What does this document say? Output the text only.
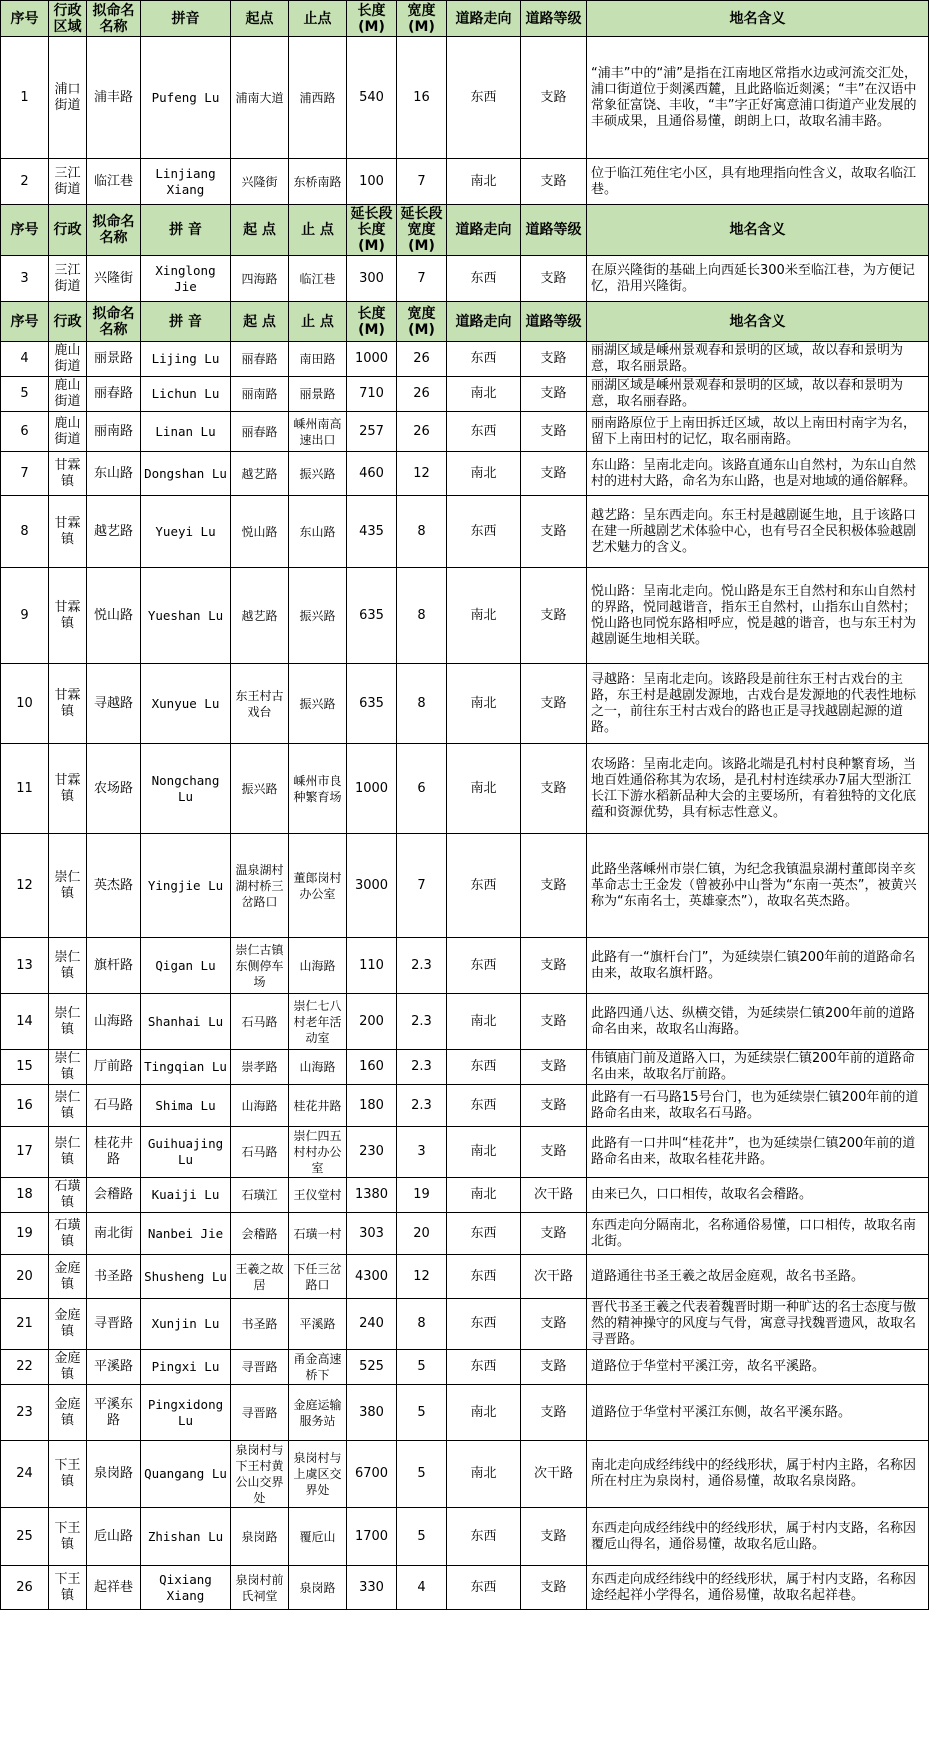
序号	行政区域	拟命名名称	拼音	起点	止点	长度(M)	宽度(M)	道路走向	道路等级	地名含义
1	浦口街道	浦丰路	Pufeng Lu	浦南大道	浦西路	540	16	东西	支路	“浦丰”中的“浦”是指在江南地区常指水边或河流交汇处，浦口街道位于剡溪西麓，且此路临近剡溪；“丰”在汉语中常象征富饶、丰收，“丰”字正好寓意浦口街道产业发展的丰硕成果，且通俗易懂，朗朗上口，故取名浦丰路。
2	三江街道	临江巷	Linjiang Xiang	兴隆街	东桥南路	100	7	南北	支路	位于临江苑住宅小区，具有地理指向性含义，故取名临江巷。
序号	行政	拟命名名称	拼 音	起 点	止 点	延长段长度(M)	延长段宽度(M)	道路走向	道路等级	地名含义
3	三江街道	兴隆街	Xinglong Jie	四海路	临江巷	300	7	东西	支路	在原兴隆街的基础上向西延长300米至临江巷，为方便记忆，沿用兴隆街。
序号	行政	拟命名名称	拼 音	起 点	止 点	长度(M)	宽度(M)	道路走向	道路等级	地名含义
4	鹿山街道	丽景路	Lijing Lu	丽春路	南田路	1000	26	东西	支路	丽湖区域是嵊州景观春和景明的区域，故以春和景明为意，取名丽景路。
5	鹿山街道	丽春路	Lichun Lu	丽南路	丽景路	710	26	南北	支路	丽湖区域是嵊州景观春和景明的区域，故以春和景明为意，取名丽春路。
6	鹿山街道	丽南路	Linan Lu	丽春路	嵊州南高速出口	257	26	东西	支路	丽南路原位于上南田拆迁区域，故以上南田村南字为名，留下上南田村的记忆，取名丽南路。
7	甘霖镇	东山路	Dongshan Lu	越艺路	振兴路	460	12	南北	支路	东山路：呈南北走向。该路直通东山自然村，为东山自然村的进村大路，命名为东山路，也是对地域的通俗解释。
8	甘霖镇	越艺路	Yueyi Lu	悦山路	东山路	435	8	东西	支路	越艺路：呈东西走向。东王村是越剧诞生地，且于该路口在建一所越剧艺术体验中心，也有号召全民积极体验越剧艺术魅力的含义。
9	甘霖镇	悦山路	Yueshan Lu	越艺路	振兴路	635	8	南北	支路	悦山路：呈南北走向。悦山路是东王自然村和东山自然村的界路，悦同越谐音，指东王自然村，山指东山自然村；悦山路也同悦东路相呼应，悦是越的谐音，也与东王村为越剧诞生地相关联。
10	甘霖镇	寻越路	Xunyue Lu	东王村古戏台	振兴路	635	8	南北	支路	寻越路：呈南北走向。该路段是前往东王村古戏台的主路，东王村是越剧发源地，古戏台是发源地的代表性地标之一，前往东王村古戏台的路也正是寻找越剧起源的道路。
11	甘霖镇	农场路	Nongchang Lu	振兴路	嵊州市良种繁育场	1000	6	南北	支路	农场路：呈南北走向。该路北端是孔村村良种繁育场，当地百姓通俗称其为农场，是孔村村连续承办7届大型浙江长江下游水稻新品种大会的主要场所，有着独特的文化底蕴和资源优势，具有标志性意义。
12	崇仁镇	英杰路	Yingjie Lu	温泉湖村湖村桥三岔路口	董郎岗村办公室	3000	7	东西	支路	此路坐落嵊州市崇仁镇，为纪念我镇温泉湖村董郎岗辛亥革命志士王金发（曾被孙中山誉为“东南一英杰”，被黄兴称为“东南名士，英雄豪杰”），故取名英杰路。
13	崇仁镇	旗杆路	Qigan Lu	崇仁古镇东侧停车场	山海路	110	2.3	东西	支路	此路有一“旗杆台门”，为延续崇仁镇200年前的道路命名由来，故取名旗杆路。
14	崇仁镇	山海路	Shanhai Lu	石马路	崇仁七八村老年活动室	200	2.3	南北	支路	此路四通八达、纵横交错，为延续崇仁镇200年前的道路命名由来，故取名山海路。
15	崇仁镇	厅前路	Tingqian Lu	崇孝路	山海路	160	2.3	东西	支路	伟镇庙门前及道路入口，为延续崇仁镇200年前的道路命名由来，故取名厅前路。
16	崇仁镇	石马路	Shima Lu	山海路	桂花井路	180	2.3	东西	支路	此路有一石马路15号台门，也为延续崇仁镇200年前的道路命名由来，故取名石马路。
17	崇仁镇	桂花井路	Guihuajing Lu	石马路	崇仁四五村村办公室	230	3	南北	支路	此路有一口井叫“桂花井”，也为延续崇仁镇200年前的道路命名由来，故取名桂花井路。
18	石璜镇	会稽路	Kuaiji Lu	石璜江	王仪堂村	1380	19	南北	次干路	由来已久，口口相传，故取名会稽路。
19	石璜镇	南北街	Nanbei Jie	会稽路	石璜一村	303	20	东西	支路	东西走向分隔南北，名称通俗易懂，口口相传，故取名南北街。
20	金庭镇	书圣路	Shusheng Lu	王羲之故居	下任三岔路口	4300	12	东西	次干路	道路通往书圣王羲之故居金庭观，故名书圣路。
21	金庭镇	寻晋路	Xunjin Lu	书圣路	平溪路	240	8	东西	支路	晋代书圣王羲之代表着魏晋时期一种旷达的名士态度与傲然的精神操守的风度与气骨，寓意寻找魏晋遗风，故取名寻晋路。
22	金庭镇	平溪路	Pingxi Lu	寻晋路	甬金高速桥下	525	5	东西	支路	道路位于华堂村平溪江旁，故名平溪路。
23	金庭镇	平溪东路	Pingxidong Lu	寻晋路	金庭运输服务站	380	5	南北	支路	道路位于华堂村平溪江东侧，故名平溪东路。
24	下王镇	泉岗路	Quangang Lu	泉岗村与下王村黄公山交界处	泉岗村与上虞区交界处	6700	5	南北	次干路	南北走向成经纬线中的经线形状，属于村内主路，名称因所在村庄为泉岗村，通俗易懂，故取名泉岗路。
25	下王镇	卮山路	Zhishan Lu	泉岗路	覆卮山	1700	5	东西	支路	东西走向成经纬线中的经线形状，属于村内支路，名称因覆卮山得名，通俗易懂，故取名卮山路。
26	下王镇	起祥巷	Qixiang Xiang	泉岗村前氏祠堂	泉岗路	330	4	东西	支路	东西走向成经纬线中的经线形状，属于村内支路，名称因途经起祥小学得名，通俗易懂，故取名起祥巷。
